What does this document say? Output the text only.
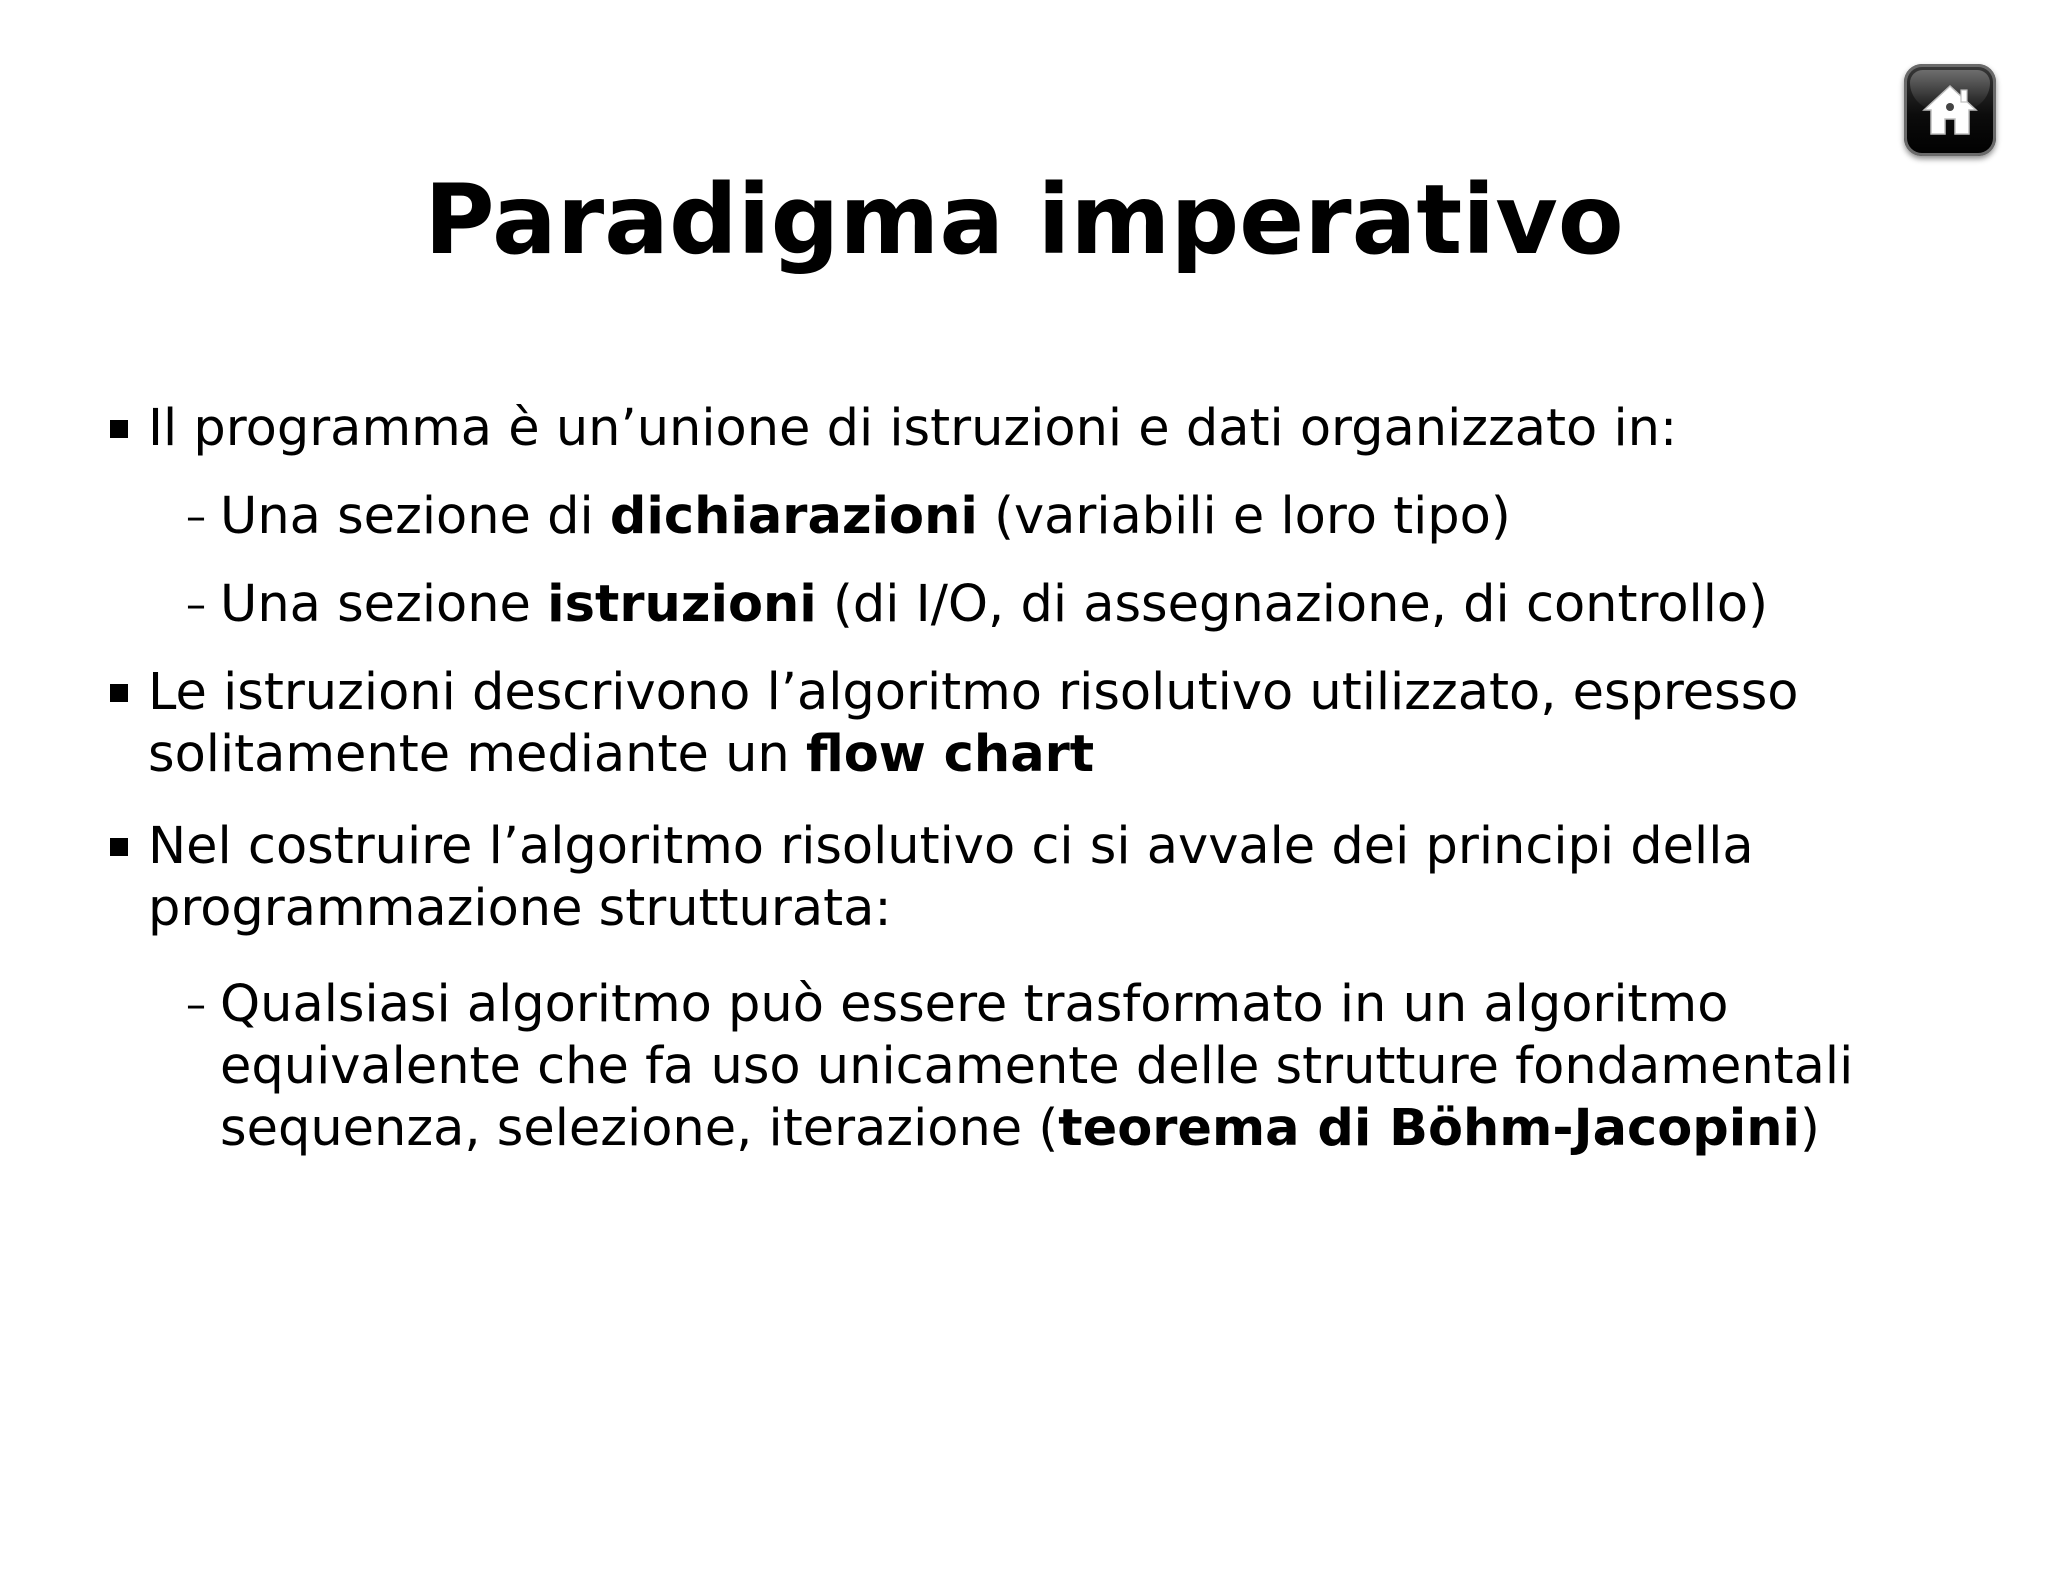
Paradigma imperativo
Il programma è un’unione di istruzioni e dati organizzato in:
– Una sezione di dichiarazioni (variabili e loro tipo)
– Una sezione istruzioni (di I/O, di assegnazione, di controllo)
Le istruzioni descrivono l’algoritmo risolutivo utilizzato, espresso solitamente mediante un flow chart
Nel costruire l’algoritmo risolutivo ci si avvale dei principi della programmazione strutturata:
– Qualsiasi algoritmo può essere trasformato in un algoritmo equivalente che fa uso unicamente delle strutture fondamentali sequenza, selezione, iterazione (teorema di Böhm-Jacopini)
